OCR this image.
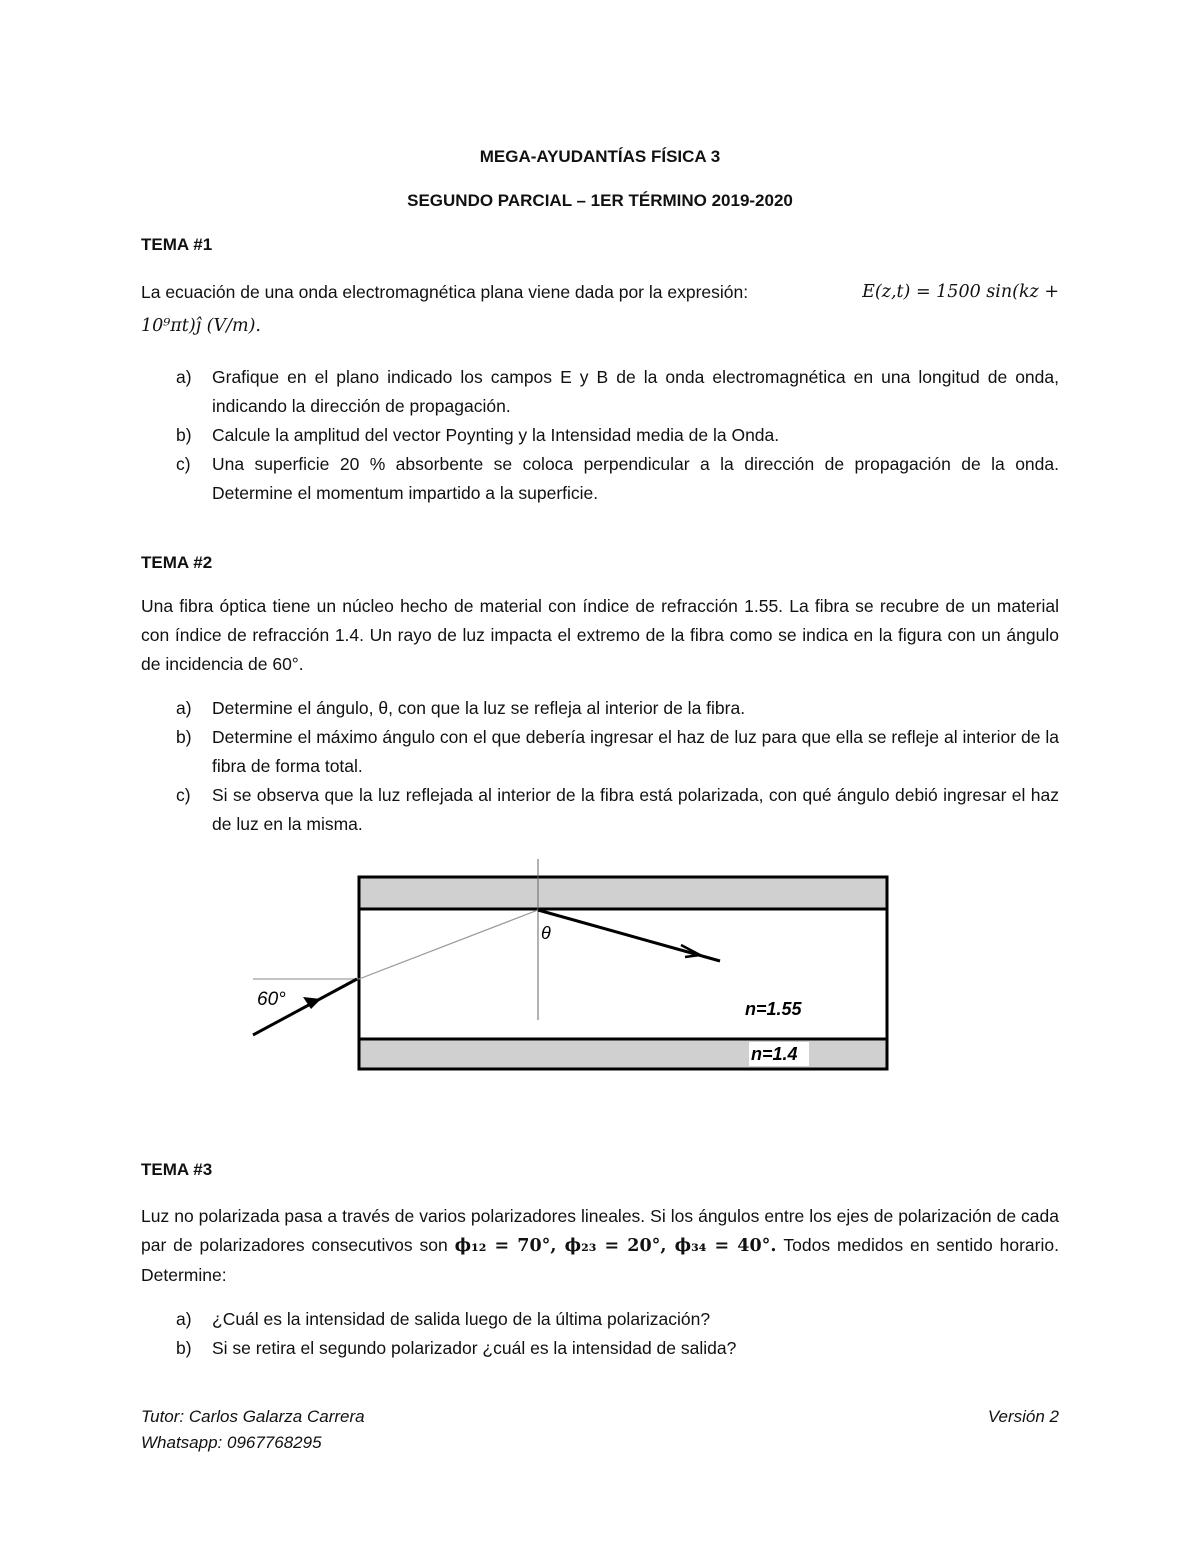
MEGA-AYUDANTÍAS FÍSICA 3
SEGUNDO PARCIAL – 1ER TÉRMINO 2019-2020
TEMA #1
La ecuación de una onda electromagnética plana viene dada por la expresión:	E(z,t) = 1500 sin(kz +
10⁹πt)ĵ (V/m).
a) Grafique en el plano indicado los campos E y B de la onda electromagnética en una longitud de onda, indicando la dirección de propagación.
b) Calcule la amplitud del vector Poynting y la Intensidad media de la Onda.
c) Una superficie 20 % absorbente se coloca perpendicular a la dirección de propagación de la onda. Determine el momentum impartido a la superficie.
TEMA #2
Una fibra óptica tiene un núcleo hecho de material con índice de refracción 1.55. La fibra se recubre de un material con índice de refracción 1.4. Un rayo de luz impacta el extremo de la fibra como se indica en la figura con un ángulo de incidencia de 60°.
a) Determine el ángulo, θ, con que la luz se refleja al interior de la fibra.
b) Determine el máximo ángulo con el que debería ingresar el haz de luz para que ella se refleje al interior de la fibra de forma total.
c) Si se observa que la luz reflejada al interior de la fibra está polarizada, con qué ángulo debió ingresar el haz de luz en la misma.
60°
θ
n=1.55
n=1.4
TEMA #3
Luz no polarizada pasa a través de varios polarizadores lineales. Si los ángulos entre los ejes de polarización de cada par de polarizadores consecutivos son ϕ₁₂ = 70°, ϕ₂₃ = 20°, ϕ₃₄ = 40°. Todos medidos en sentido horario. Determine:
a) ¿Cuál es la intensidad de salida luego de la última polarización?
b) Si se retira el segundo polarizador ¿cuál es la intensidad de salida?
Tutor: Carlos Galarza Carrera
Whatsapp: 0967768295
Versión 2
